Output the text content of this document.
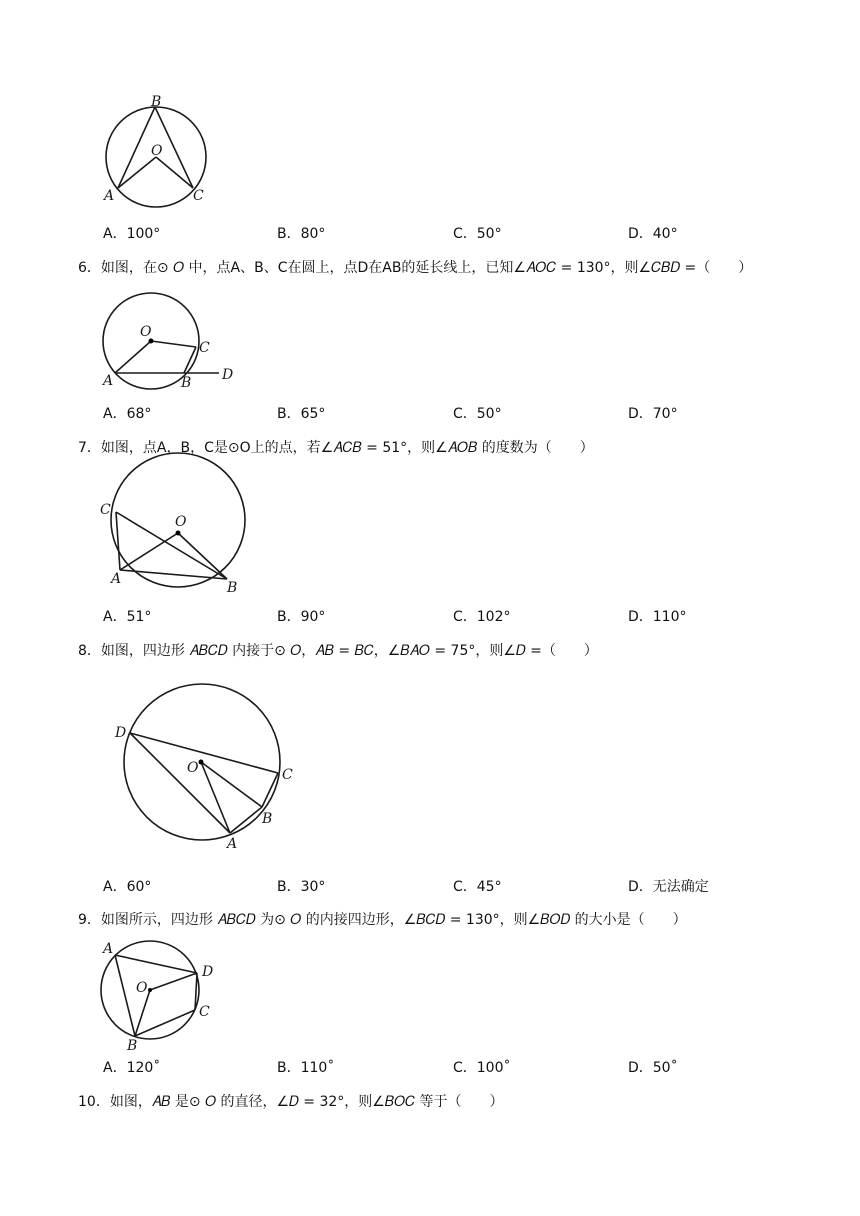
B
O
A	C
A．100°	B．80°	C．50°	D．40°
6．如图，在⊙ 𝑂 中，点A、B、C在圆上，点D在AB的延长线上，已知∠𝐴𝑂𝐶 = 130°，则∠𝐶𝐵𝐷 =（　　）
O
C
A	B D
A．68°	B．65°	C．50°	D．70°
7．如图，点A，B，C是⊙O上的点，若∠𝐴𝐶𝐵 = 51°，则∠𝐴𝑂𝐵 的度数为（　　）
C
O
A
B
A．51°	B．90°	C．102°	D．110°
8．如图，四边形 𝐴𝐵𝐶𝐷 内接于⊙ 𝑂，𝐴𝐵 = 𝐵𝐶，∠𝐵𝐴𝑂 = 75°，则∠𝐷 =（　　）
D
O	C
B
A
A．60°	B．30°	C．45°	D．无法确定
9．如图所示，四边形 𝐴𝐵𝐶𝐷 为⊙ 𝑂 的内接四边形，∠𝐵𝐶𝐷 = 130°，则∠𝐵𝑂𝐷 的大小是（　　）
A
D
O
C
B
A．120˚	B．110˚	C．100˚	D．50˚
10．如图，𝐴𝐵 是⊙ 𝑂 的直径，∠𝐷 = 32°，则∠𝐵𝑂𝐶 等于（　　）
